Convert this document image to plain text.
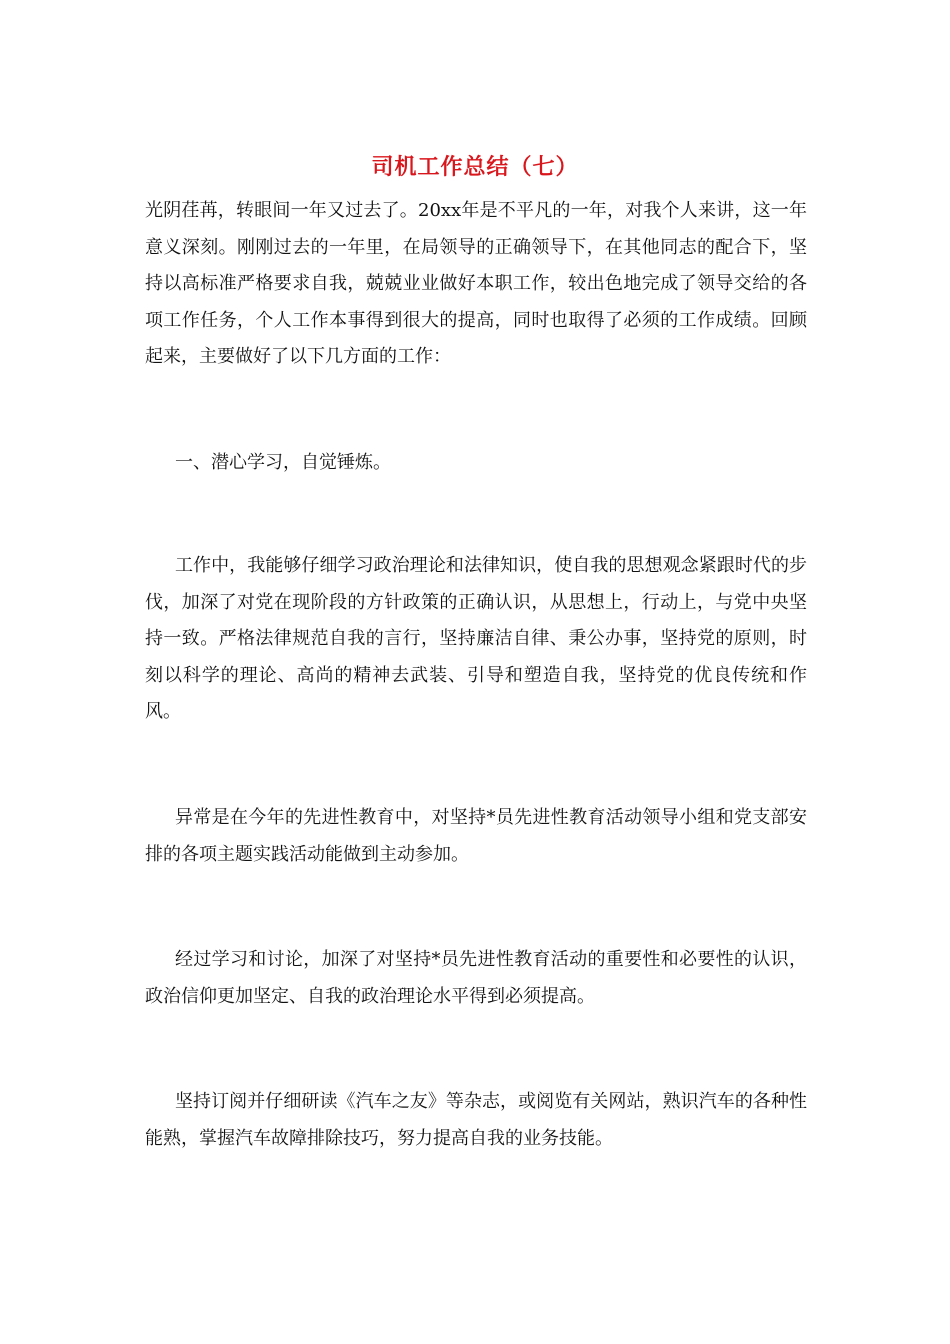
司机工作总结（七）

光阴荏苒，转眼间一年又过去了。20xx年是不平凡的一年，对我个人来讲，这一年意义深刻。刚刚过去的一年里，在局领导的正确领导下，在其他同志的配合下，坚持以高标准严格要求自我，兢兢业业做好本职工作，较出色地完成了领导交给的各项工作任务，个人工作本事得到很大的提高，同时也取得了必须的工作成绩。回顾起来，主要做好了以下几方面的工作：

一、潜心学习，自觉锤炼。

工作中，我能够仔细学习政治理论和法律知识，使自我的思想观念紧跟时代的步伐，加深了对党在现阶段的方针政策的正确认识，从思想上，行动上，与党中央坚持一致。严格法律规范自我的言行，坚持廉洁自律、秉公办事，坚持党的原则，时刻以科学的理论、高尚的精神去武装、引导和塑造自我，坚持党的优良传统和作风。

异常是在今年的先进性教育中，对坚持*员先进性教育活动领导小组和党支部安排的各项主题实践活动能做到主动参加。

经过学习和讨论，加深了对坚持*员先进性教育活动的重要性和必要性的认识，政治信仰更加坚定、自我的政治理论水平得到必须提高。

坚持订阅并仔细研读《汽车之友》等杂志，或阅览有关网站，熟识汽车的各种性能熟，掌握汽车故障排除技巧，努力提高自我的业务技能。
